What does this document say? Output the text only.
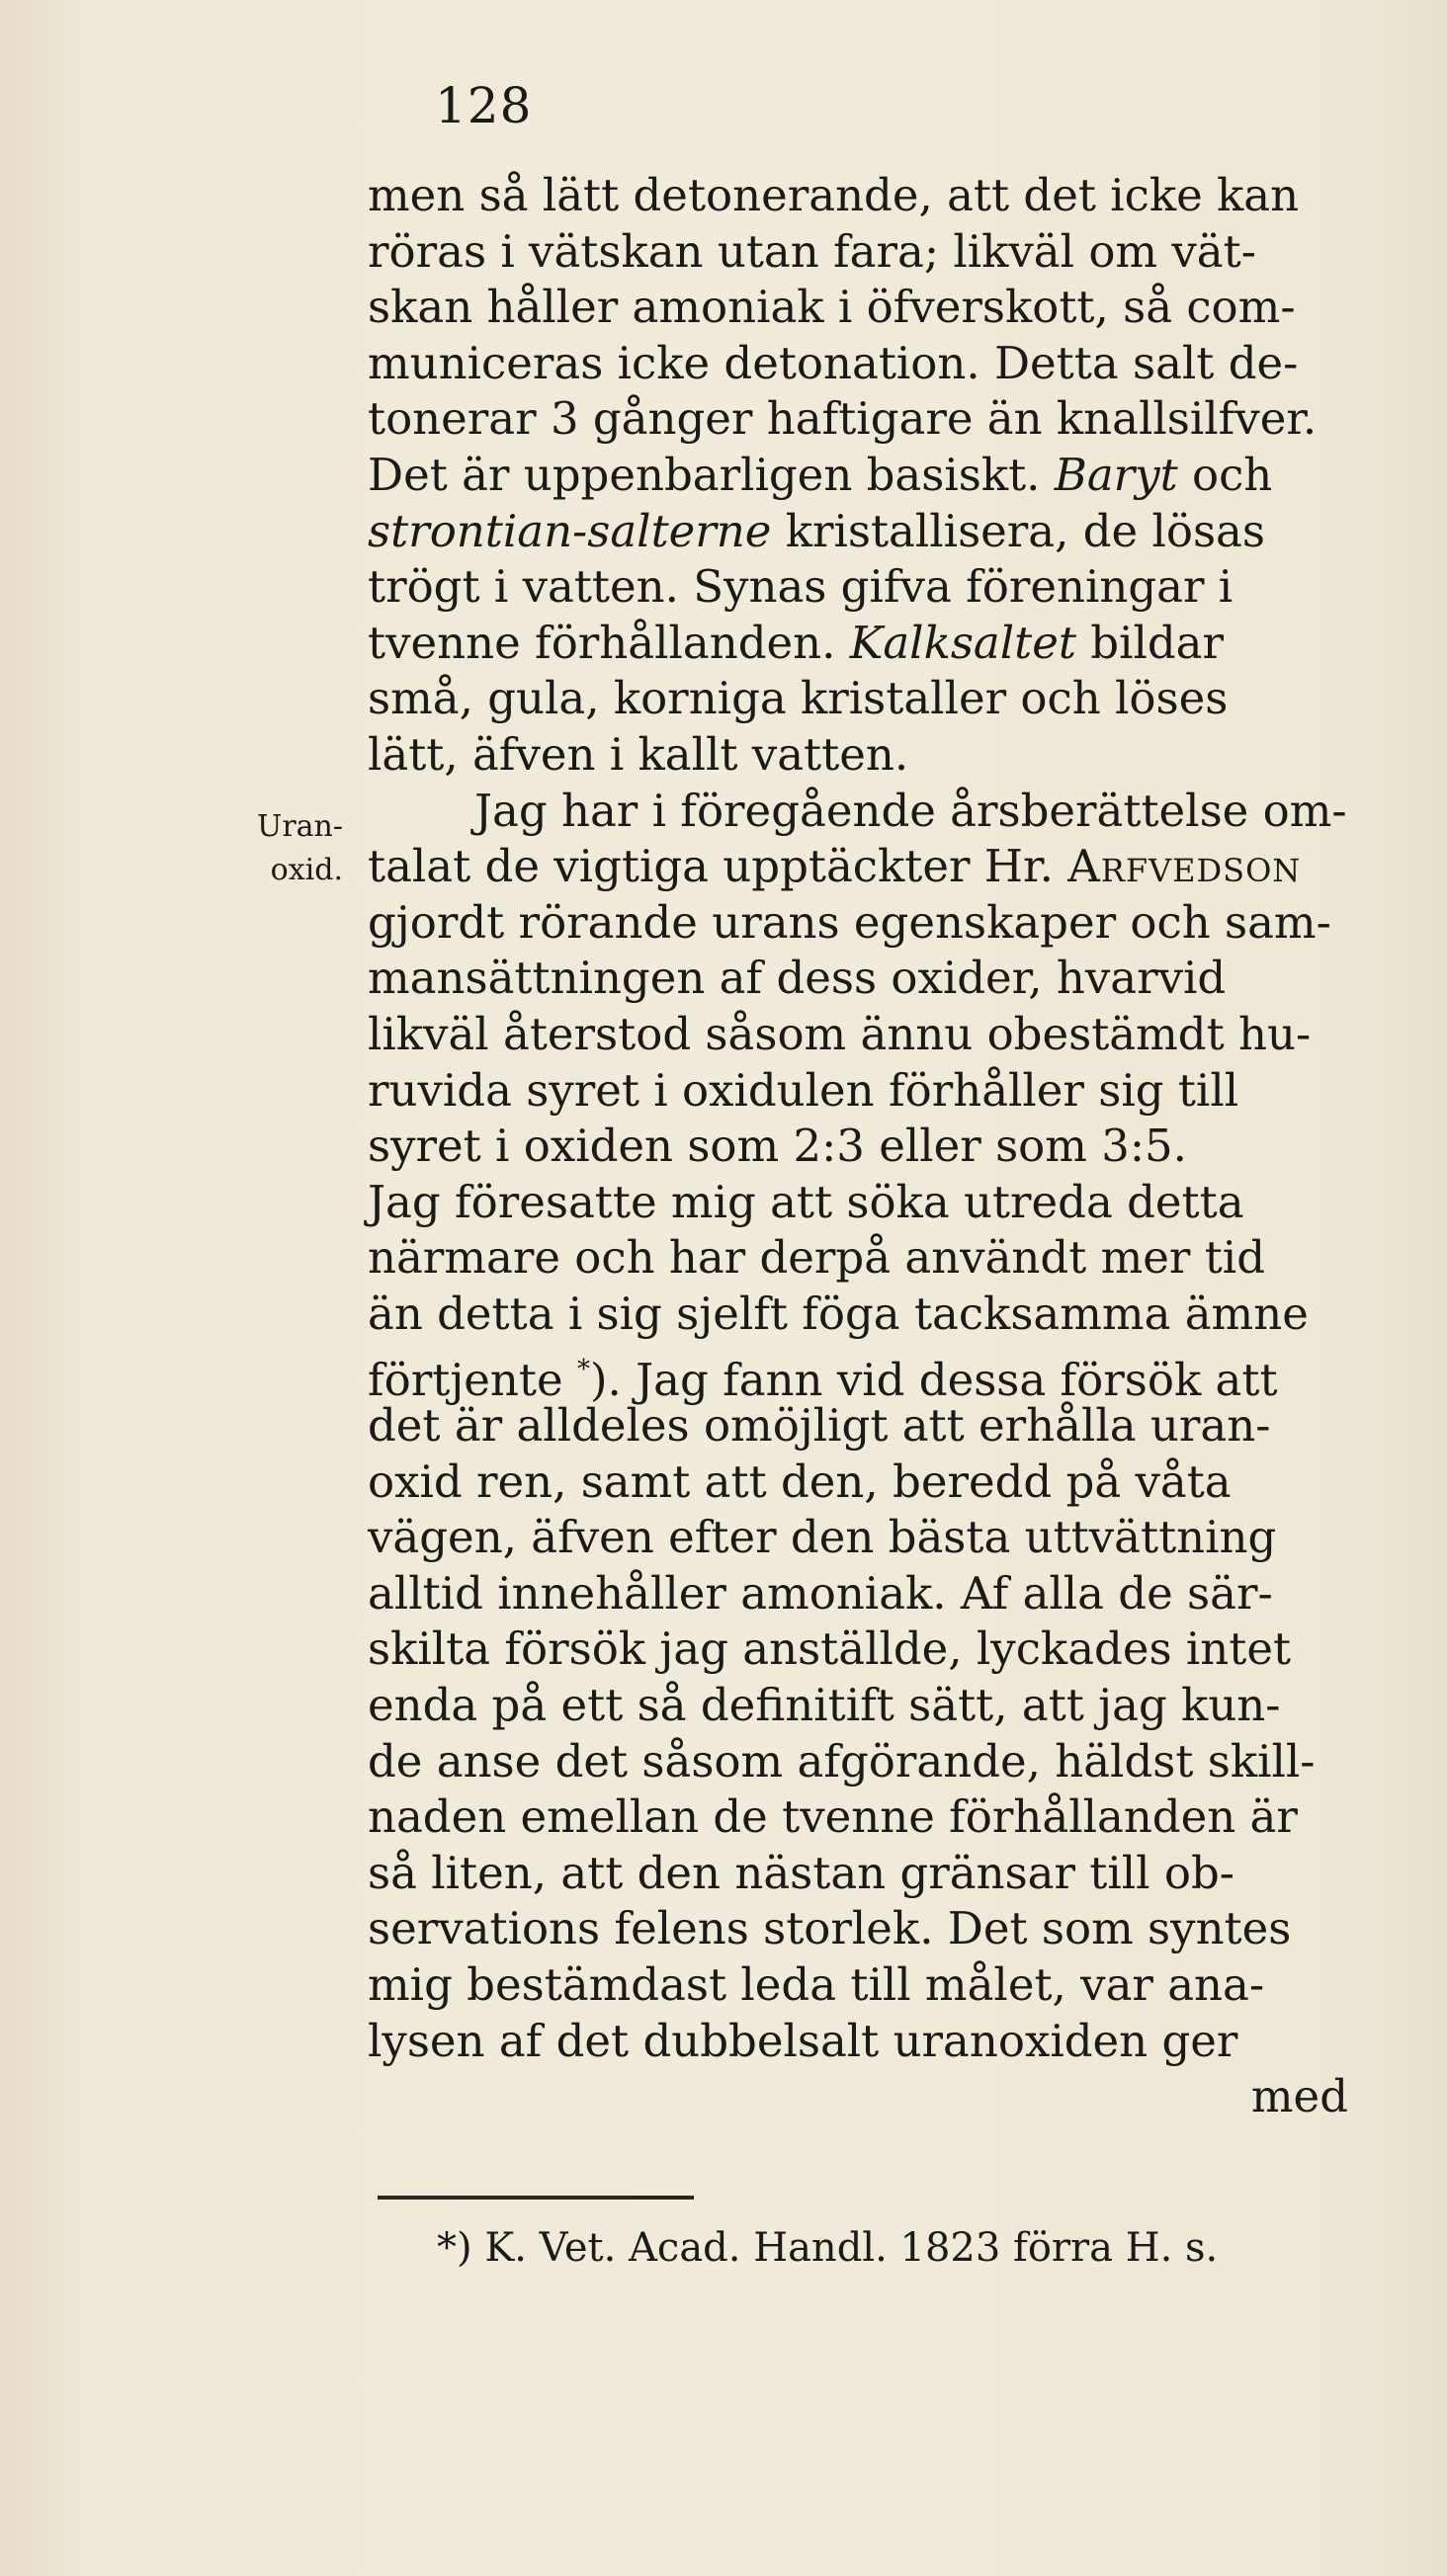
128
Uran-
oxid.
men så lätt detonerande, att det icke kan
röras i vätskan utan fara; likväl om vät-
skan håller amoniak i öfverskott, så com-
municeras icke detonation. Detta salt de-
tonerar 3 gånger haftigare än knallsilfver.
Det är uppenbarligen basiskt. Baryt och
strontian-salterne kristallisera, de lösas
trögt i vatten. Synas gifva föreningar i
tvenne förhållanden. Kalksaltet bildar
små, gula, korniga kristaller och löses
lätt, äfven i kallt vatten.
Jag har i föregående årsberättelse om-
talat de vigtiga upptäckter Hr. Arfvedson
gjordt rörande urans egenskaper och sam-
mansättningen af dess oxider, hvarvid
likväl återstod såsom ännu obestämdt hu-
ruvida syret i oxidulen förhåller sig till
syret i oxiden som 2:3 eller som 3:5.
Jag föresatte mig att söka utreda detta
närmare och har derpå användt mer tid
än detta i sig sjelft föga tacksamma ämne
förtjente *). Jag fann vid dessa försök att
det är alldeles omöjligt att erhålla uran-
oxid ren, samt att den, beredd på våta
vägen, äfven efter den bästa uttvättning
alltid innehåller amoniak. Af alla de sär-
skilta försök jag anställde, lyckades intet
enda på ett så definitift sätt, att jag kun-
de anse det såsom afgörande, häldst skill-
naden emellan de tvenne förhållanden är
så liten, att den nästan gränsar till ob-
servations felens storlek. Det som syntes
mig bestämdast leda till målet, var ana-
lysen af det dubbelsalt uranoxiden ger
med
*) K. Vet. Acad. Handl. 1823 förra H. s.
